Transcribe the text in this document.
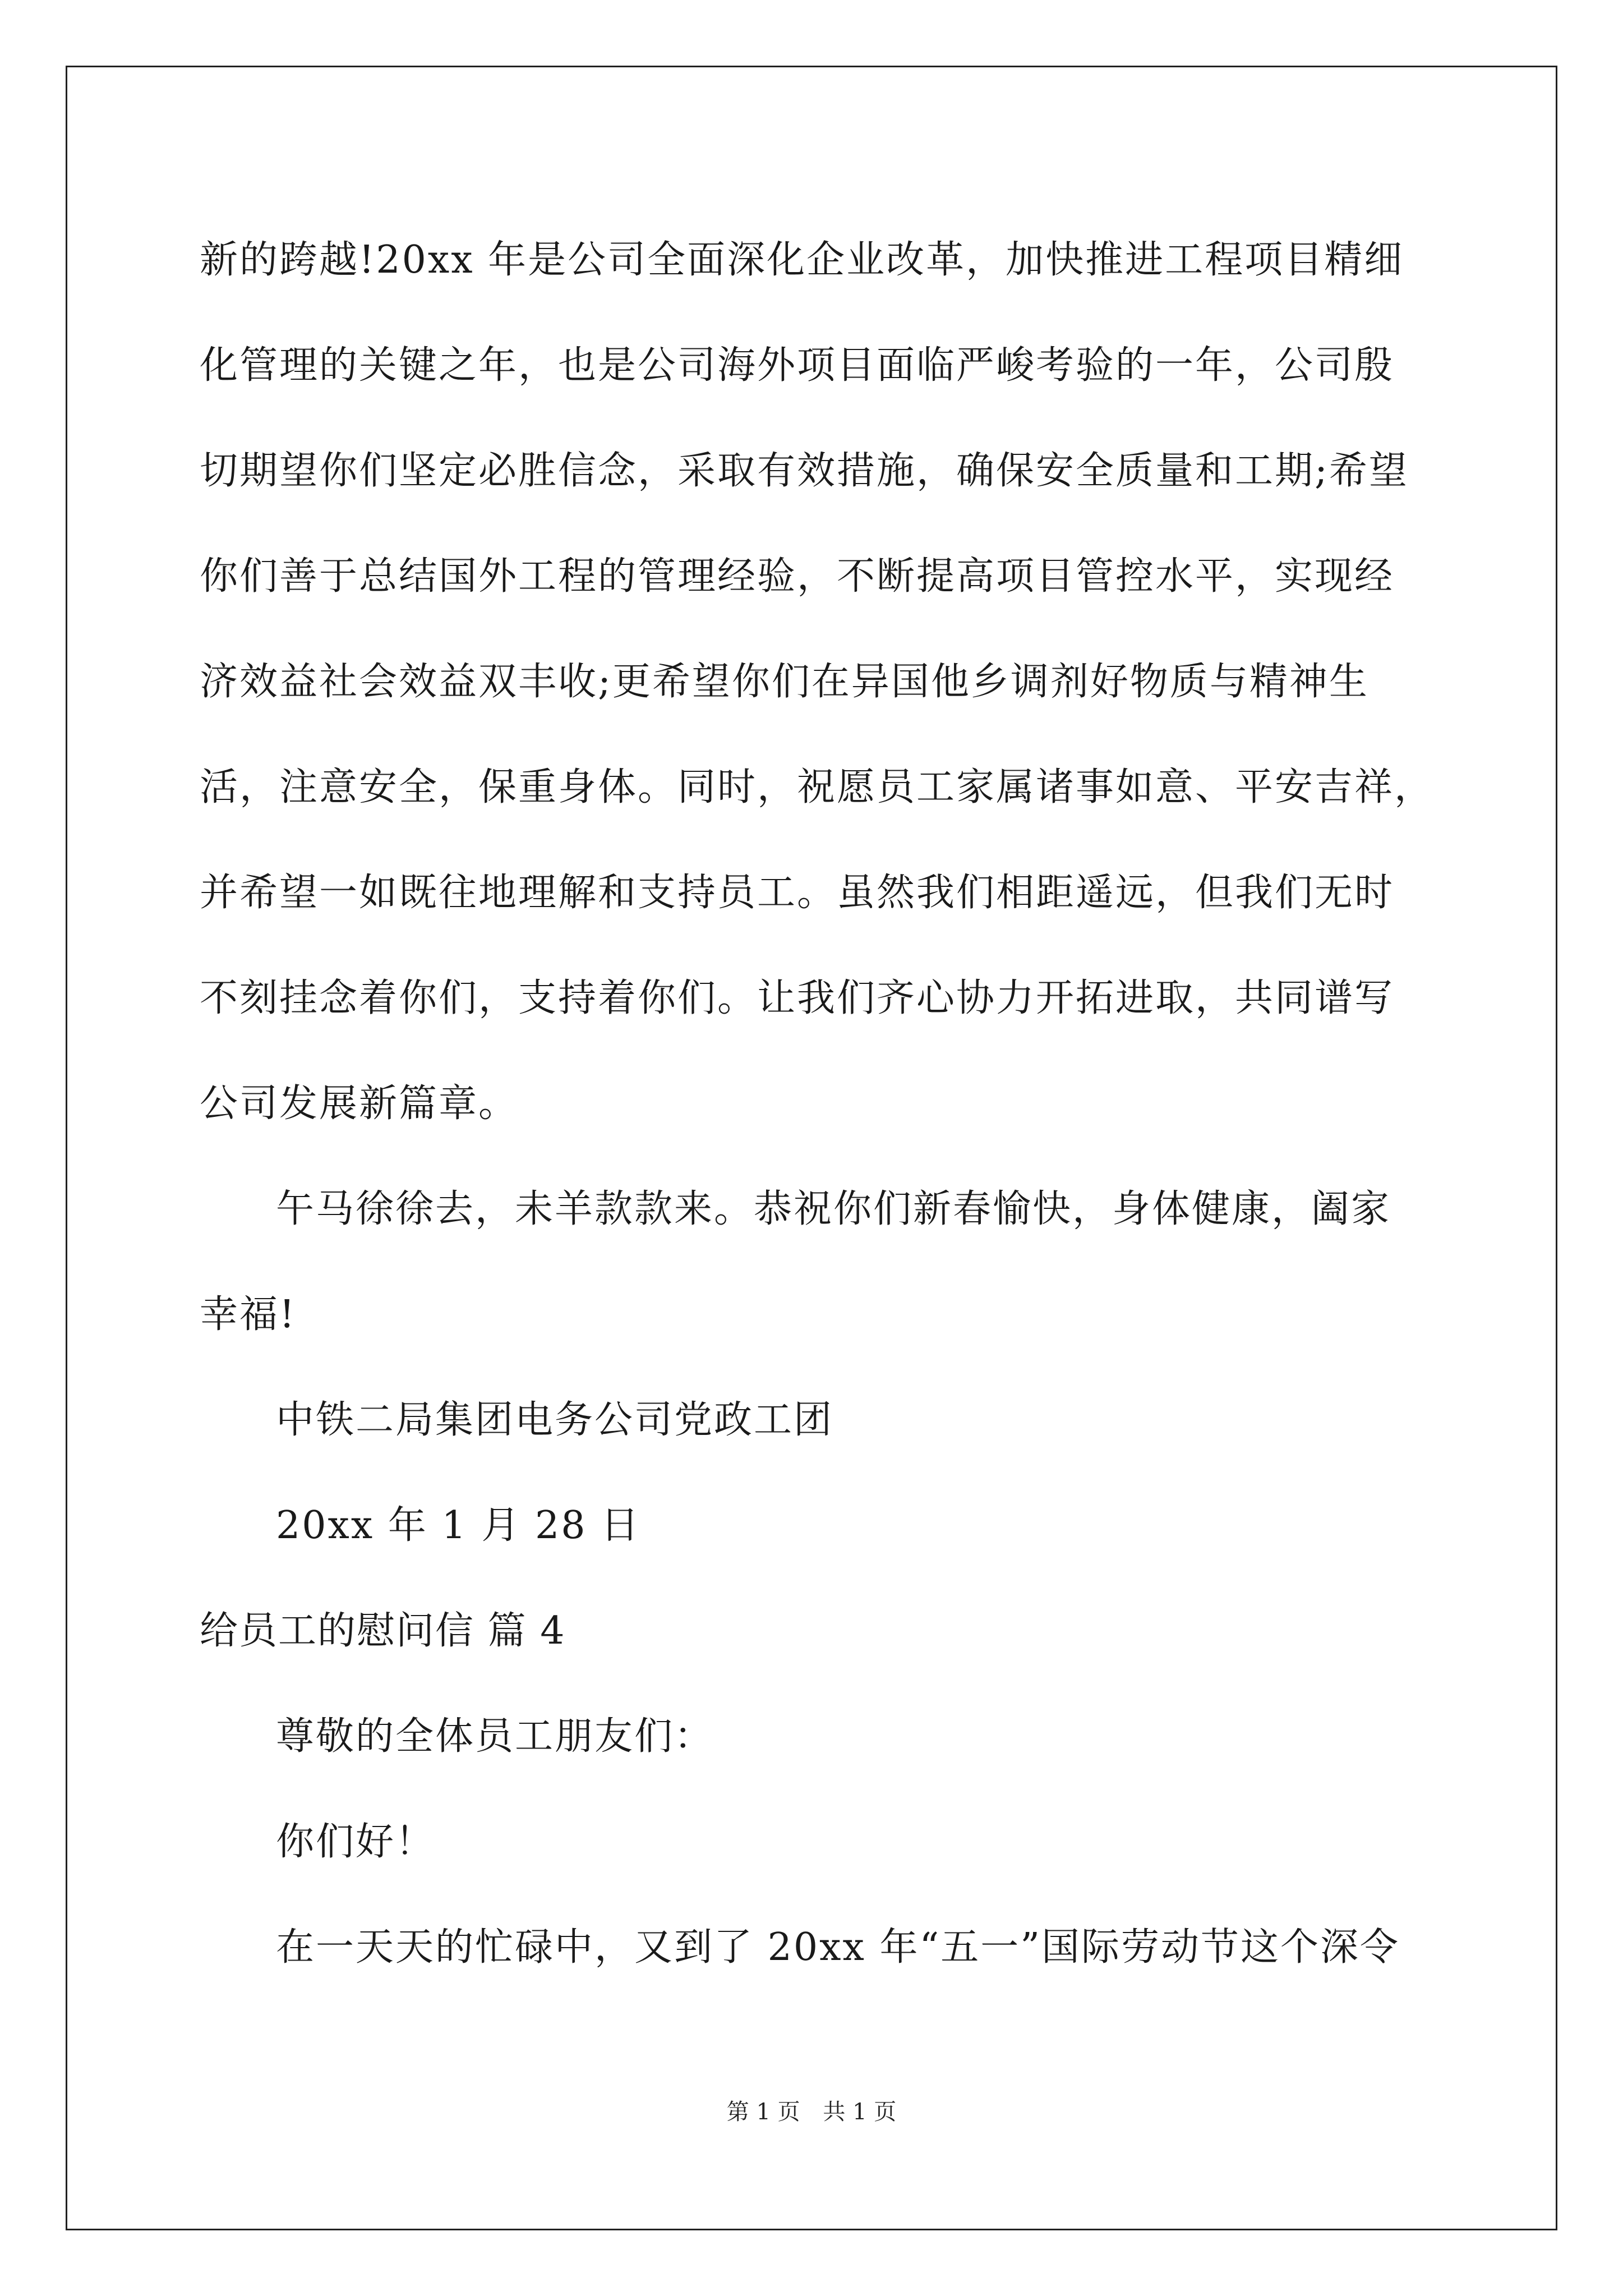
新的跨越!20xx 年是公司全面深化企业改革，加快推进工程项目精细
化管理的关键之年，也是公司海外项目面临严峻考验的一年，公司殷
切期望你们坚定必胜信念，采取有效措施，确保安全质量和工期;希望
你们善于总结国外工程的管理经验，不断提高项目管控水平，实现经
济效益社会效益双丰收;更希望你们在异国他乡调剂好物质与精神生
活，注意安全，保重身体。同时，祝愿员工家属诸事如意、平安吉祥，
并希望一如既往地理解和支持员工。虽然我们相距遥远，但我们无时
不刻挂念着你们，支持着你们。让我们齐心协力开拓进取，共同谱写
公司发展新篇章。
午马徐徐去，未羊款款来。恭祝你们新春愉快，身体健康，阖家
幸福!
中铁二局集团电务公司党政工团
20xx 年 1 月 28 日
给员工的慰问信 篇 4
尊敬的全体员工朋友们：
你们好！
在一天天的忙碌中，又到了 20xx 年“五一”国际劳动节这个深令
第 1 页 共 1 页
